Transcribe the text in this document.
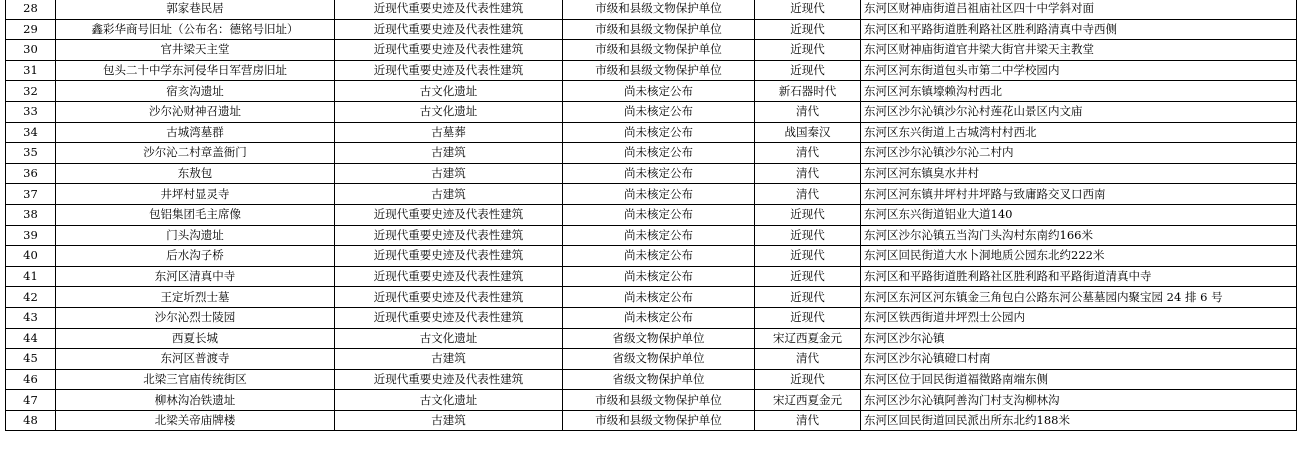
28	郭家巷民居	近现代重要史迹及代表性建筑	市级和县级文物保护单位	近现代	东河区财神庙街道吕祖庙社区四十中学斜对面
29	鑫彩华商号旧址（公布名：德铭号旧址）	近现代重要史迹及代表性建筑	市级和县级文物保护单位	近现代	东河区和平路街道胜利路社区胜利路清真中寺西侧
30	官井梁天主堂	近现代重要史迹及代表性建筑	市级和县级文物保护单位	近现代	东河区财神庙街道官井梁大街官井梁天主教堂
31	包头二十中学东河侵华日军营房旧址	近现代重要史迹及代表性建筑	市级和县级文物保护单位	近现代	东河区河东街道包头市第二中学校园内
32	宿亥沟遗址	古文化遗址	尚未核定公布	新石器时代	东河区河东镇壕赖沟村西北
33	沙尔沁财神召遗址	古文化遗址	尚未核定公布	清代	东河区沙尔沁镇沙尔沁村莲花山景区内文庙
34	古城湾墓群	古墓葬	尚未核定公布	战国秦汉	东河区东兴街道上古城湾村村西北
35	沙尔沁二村章盖衙门	古建筑	尚未核定公布	清代	东河区沙尔沁镇沙尔沁二村内
36	东敖包	古建筑	尚未核定公布	清代	东河区河东镇臭水井村
37	井坪村显灵寺	古建筑	尚未核定公布	清代	东河区河东镇井坪村井坪路与致庸路交叉口西南
38	包铝集团毛主席像	近现代重要史迹及代表性建筑	尚未核定公布	近现代	东河区东兴街道铝业大道140
39	门头沟遗址	近现代重要史迹及代表性建筑	尚未核定公布	近现代	东河区沙尔沁镇五当沟门头沟村东南约166米
40	后水沟子桥	近现代重要史迹及代表性建筑	尚未核定公布	近现代	东河区回民街道大水卜洞地质公园东北约222米
41	东河区清真中寺	近现代重要史迹及代表性建筑	尚未核定公布	近现代	东河区和平路街道胜利路社区胜利路和平路街道清真中寺
42	王定圻烈士墓	近现代重要史迹及代表性建筑	尚未核定公布	近现代	东河区东河区河东镇金三角包白公路东河公墓墓园内聚宝园 24 排 6 号
43	沙尔沁烈士陵园	近现代重要史迹及代表性建筑	尚未核定公布	近现代	东河区铁西街道井坪烈士公园内
44	西夏长城	古文化遗址	省级文物保护单位	宋辽西夏金元	东河区沙尔沁镇
45	东河区普渡寺	古建筑	省级文物保护单位	清代	东河区沙尔沁镇磴口村南
46	北梁三官庙传统街区	近现代重要史迹及代表性建筑	省级文物保护单位	近现代	东河区位于回民街道福徵路南端东侧
47	柳林沟冶铁遗址	古文化遗址	市级和县级文物保护单位	宋辽西夏金元	东河区沙尔沁镇阿善沟门村支沟柳林沟
48	北梁关帝庙牌楼	古建筑	市级和县级文物保护单位	清代	东河区回民街道回民派出所东北约188米
